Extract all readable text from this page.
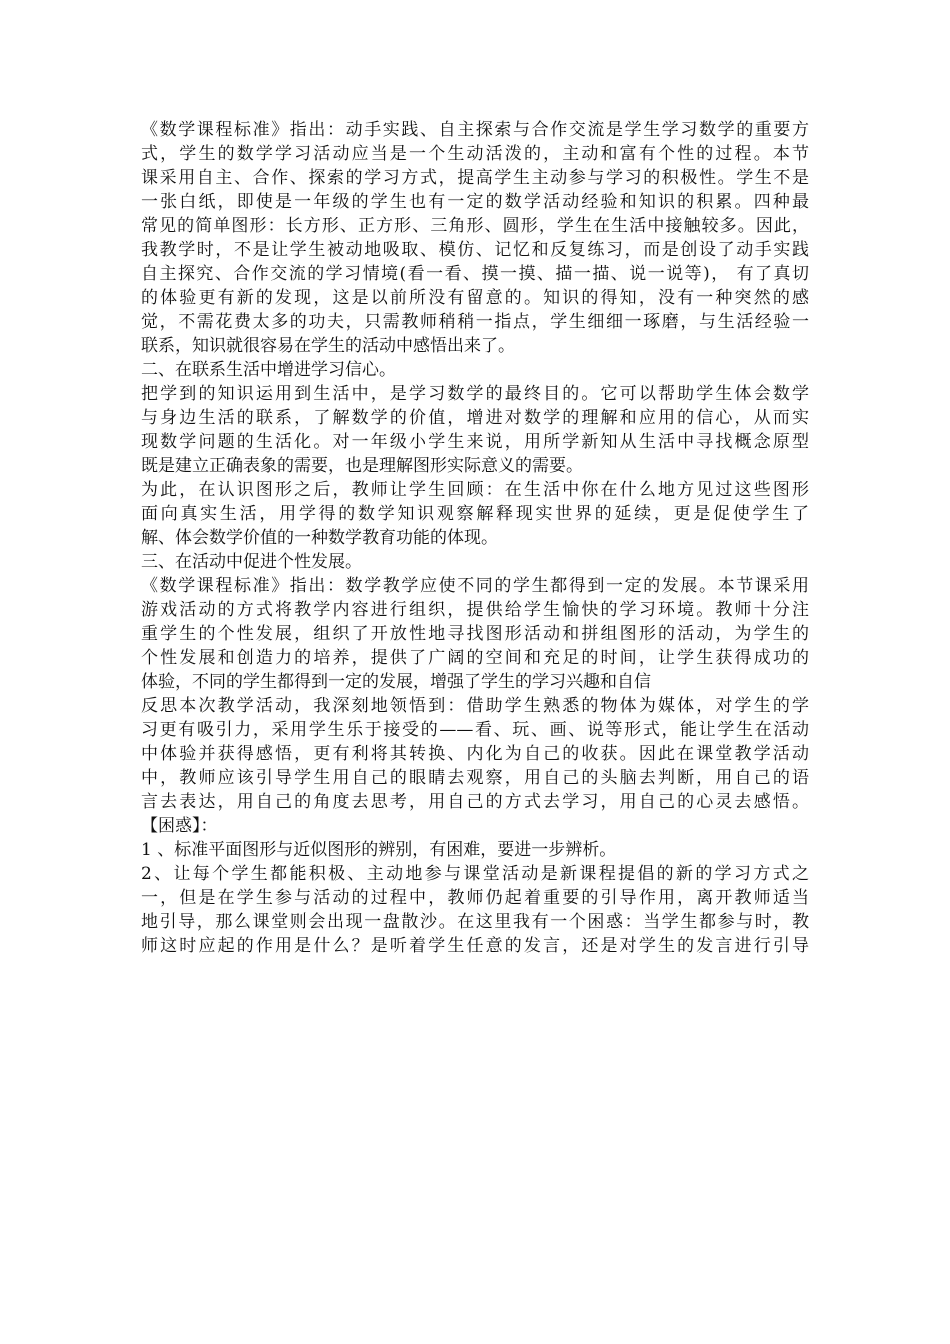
《数学课程标准》指出：动手实践、自主探索与合作交流是学生学习数学的重要方
式，学生的数学学习活动应当是一个生动活泼的，主动和富有个性的过程。本节
课采用自主、合作、探索的学习方式，提高学生主动参与学习的积极性。学生不是
一张白纸，即使是一年级的学生也有一定的数学活动经验和知识的积累。四种最
常见的简单图形：长方形、正方形、三角形、圆形，学生在生活中接触较多。因此，
我教学时，不是让学生被动地吸取、模仿、记忆和反复练习，而是创设了动手实践
自主探究、合作交流的学习情境(看一看、摸一摸、描一描、说一说等)， 有了真切
的体验更有新的发现，这是以前所没有留意的。知识的得知，没有一种突然的感
觉，不需花费太多的功夫，只需教师稍稍一指点，学生细细一琢磨，与生活经验一
联系，知识就很容易在学生的活动中感悟出来了。
二、在联系生活中增进学习信心。
把学到的知识运用到生活中，是学习数学的最终目的。它可以帮助学生体会数学
与身边生活的联系，了解数学的价值，增进对数学的理解和应用的信心，从而实
现数学问题的生活化。对一年级小学生来说，用所学新知从生活中寻找概念原型
既是建立正确表象的需要，也是理解图形实际意义的需要。
为此，在认识图形之后，教师让学生回顾：在生活中你在什么地方见过这些图形
面向真实生活，用学得的数学知识观察解释现实世界的延续，更是促使学生了
解、体会数学价值的一种数学教育功能的体现。
三、在活动中促进个性发展。
《数学课程标准》指出：数学教学应使不同的学生都得到一定的发展。本节课采用
游戏活动的方式将教学内容进行组织，提供给学生愉快的学习环境。教师十分注
重学生的个性发展，组织了开放性地寻找图形活动和拼组图形的活动，为学生的
个性发展和创造力的培养，提供了广阔的空间和充足的时间，让学生获得成功的
体验，不同的学生都得到一定的发展，增强了学生的学习兴趣和自信
反思本次教学活动，我深刻地领悟到：借助学生熟悉的物体为媒体，对学生的学
习更有吸引力，采用学生乐于接受的——看、玩、画、说等形式，能让学生在活动
中体验并获得感悟，更有利将其转换、内化为自己的收获。因此在课堂教学活动
中，教师应该引导学生用自己的眼睛去观察，用自己的头脑去判断，用自己的语
言去表达，用自己的角度去思考，用自己的方式去学习，用自己的心灵去感悟。
【困惑】：
1 、标准平面图形与近似图形的辨别，有困难，要进一步辨析。
2、让每个学生都能积极、主动地参与课堂活动是新课程提倡的新的学习方式之
一，但是在学生参与活动的过程中，教师仍起着重要的引导作用，离开教师适当
地引导，那么课堂则会出现一盘散沙。在这里我有一个困惑：当学生都参与时，教
师这时应起的作用是什么？是听着学生任意的发言，还是对学生的发言进行引导
